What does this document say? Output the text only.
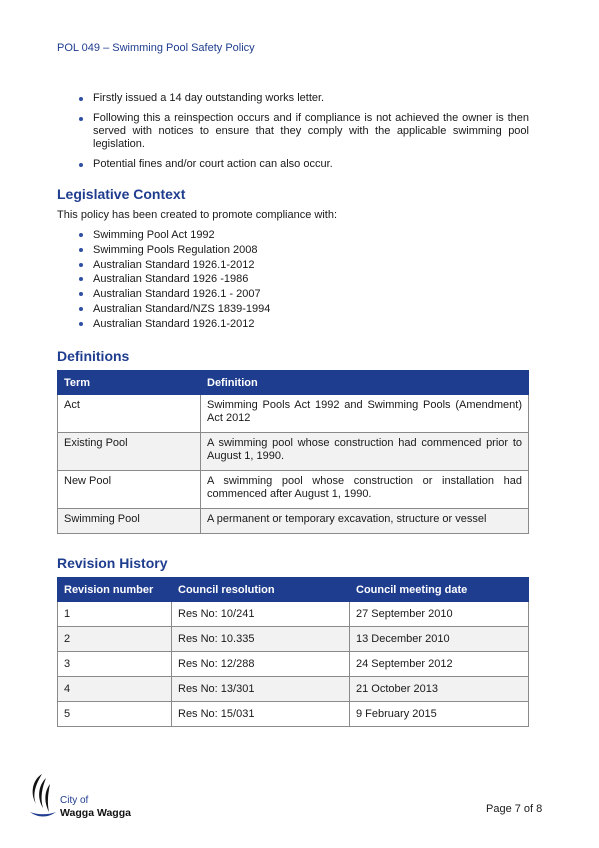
POL 049 – Swimming Pool Safety Policy
Firstly issued a 14 day outstanding works letter.
Following this a reinspection occurs and if compliance is not achieved the owner is then served with notices to ensure that they comply with the applicable swimming pool legislation.
Potential fines and/or court action can also occur.
Legislative Context
This policy has been created to promote compliance with:
Swimming Pool Act 1992
Swimming Pools Regulation 2008
Australian Standard 1926.1-2012
Australian Standard 1926 -1986
Australian Standard 1926.1 - 2007
Australian Standard/NZS 1839-1994
Australian Standard 1926.1-2012
Definitions
Term	Definition
Act	Swimming Pools Act 1992 and Swimming Pools (Amendment) Act 2012
Existing Pool	A swimming pool whose construction had commenced prior to August 1, 1990.
New Pool	A swimming pool whose construction or installation had commenced after August 1, 1990.
Swimming Pool	A permanent or temporary excavation, structure or vessel
Revision History
Revision number	Council resolution	Council meeting date
1	Res No: 10/241	27 September 2010
2	Res No: 10.335	13 December 2010
3	Res No: 12/288	24 September 2012
4	Res No: 13/301	21 October 2013
5	Res No: 15/031	9 February 2015
City of
Wagga Wagga	Page 7 of 8
